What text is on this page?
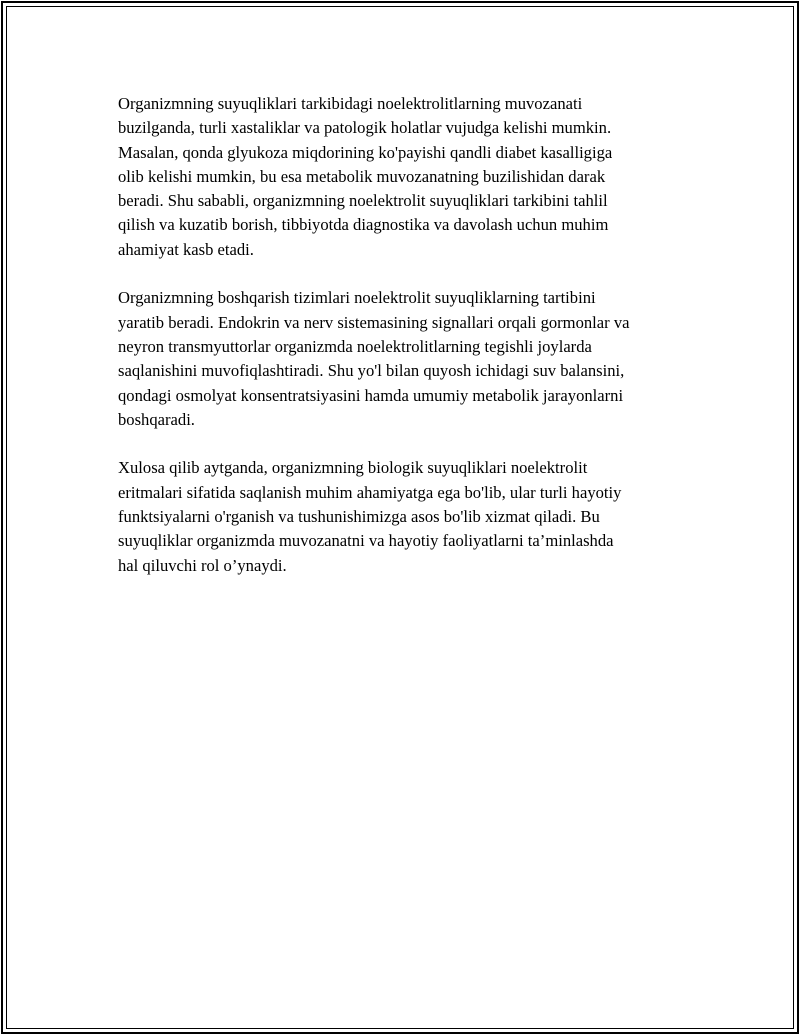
Organizmning suyuqliklari tarkibidagi noelektrolitlarning muvozanati
buzilganda, turli xastaliklar va patologik holatlar vujudga kelishi mumkin.
Masalan, qonda glyukoza miqdorining ko'payishi qandli diabet kasalligiga
olib kelishi mumkin, bu esa metabolik muvozanatning buzilishidan darak
beradi. Shu sababli, organizmning noelektrolit suyuqliklari tarkibini tahlil
qilish va kuzatib borish, tibbiyotda diagnostika va davolash uchun muhim
ahamiyat kasb etadi.

Organizmning boshqarish tizimlari noelektrolit suyuqliklarning tartibini
yaratib beradi. Endokrin va nerv sistemasining signallari orqali gormonlar va
neyron transmyuttorlar organizmda noelektrolitlarning tegishli joylarda
saqlanishini muvofiqlashtiradi. Shu yo'l bilan quyosh ichidagi suv balansini,
qondagi osmolyat konsentratsiyasini hamda umumiy metabolik jarayonlarni
boshqaradi.

Xulosa qilib aytganda, organizmning biologik suyuqliklari noelektrolit
eritmalari sifatida saqlanish muhim ahamiyatga ega bo'lib, ular turli hayotiy
funktsiyalarni o'rganish va tushunishimizga asos bo'lib xizmat qiladi. Bu
suyuqliklar organizmda muvozanatni va hayotiy faoliyatlarni ta’minlashda
hal qiluvchi rol o’ynaydi.
